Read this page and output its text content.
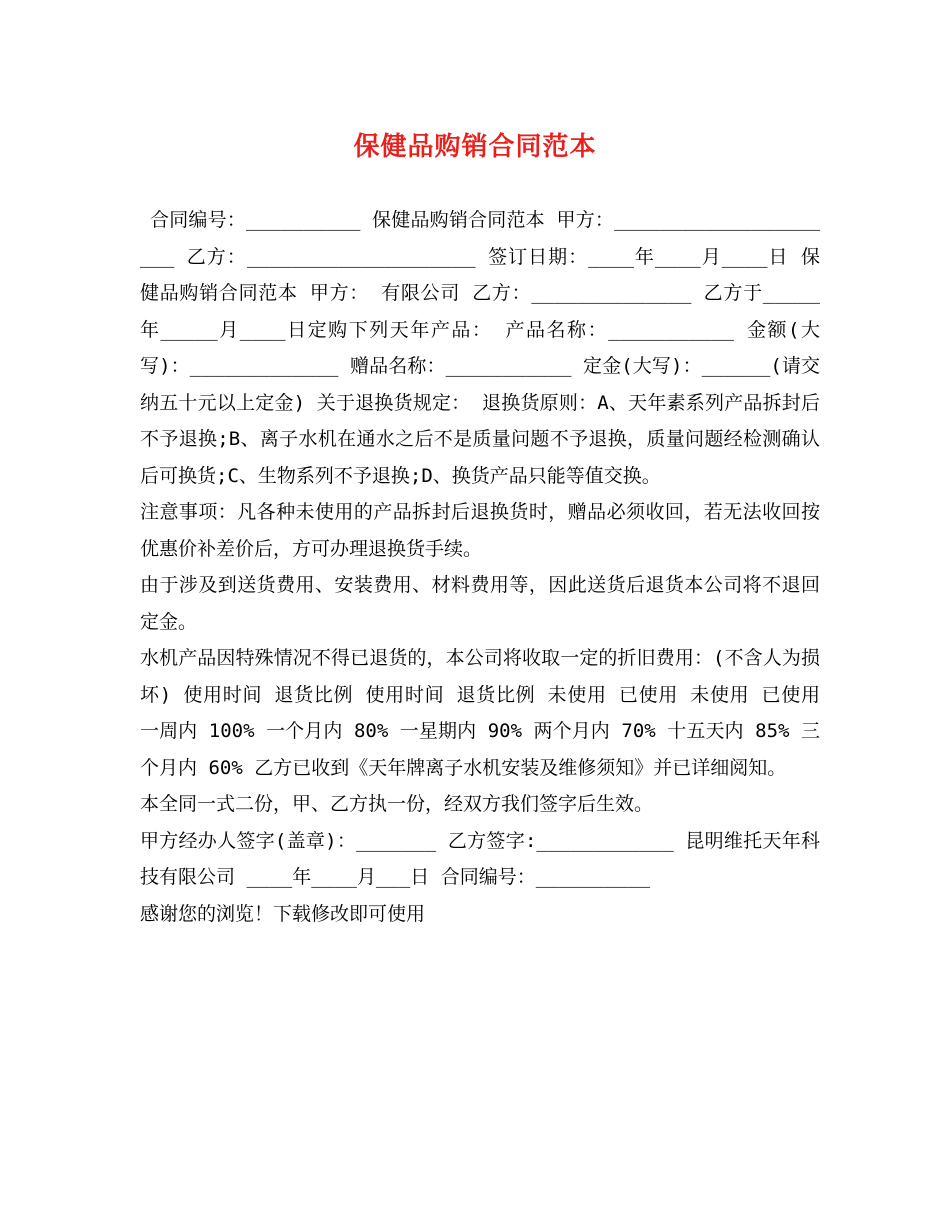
保健品购销合同范本

合同编号：__________ 保健品购销合同范本 甲方：_____________________ 乙方：____________________ 签订日期：____年____月____日 保健品购销合同范本 甲方： 有限公司 乙方：______________ 乙方于_____年_____月____日定购下列天年产品： 产品名称：___________ 金额(大写)：_____________ 赠品名称：___________ 定金(大写)：______(请交纳五十元以上定金) 关于退换货规定： 退换货原则：A、天年素系列产品拆封后不予退换;B、离子水机在通水之后不是质量问题不予退换，质量问题经检测确认后可换货;C、生物系列不予退换;D、换货产品只能等值交换。

注意事项：凡各种未使用的产品拆封后退换货时，赠品必须收回，若无法收回按优惠价补差价后，方可办理退换货手续。

由于涉及到送货费用、安装费用、材料费用等，因此送货后退货本公司将不退回定金。

水机产品因特殊情况不得已退货的，本公司将收取一定的折旧费用：(不含人为损坏) 使用时间 退货比例 使用时间 退货比例 未使用 已使用 未使用 已使用 一周内 100% 一个月内 80% 一星期内 90% 两个月内 70% 十五天内 85% 三个月内 60% 乙方已收到《天年牌离子水机安装及维修须知》并已详细阅知。

本全同一式二份，甲、乙方执一份，经双方我们签字后生效。

甲方经办人签字(盖章)：_______ 乙方签字:____________ 昆明维托天年科技有限公司 ____年____月___日 合同编号：__________

感谢您的浏览！下载修改即可使用
